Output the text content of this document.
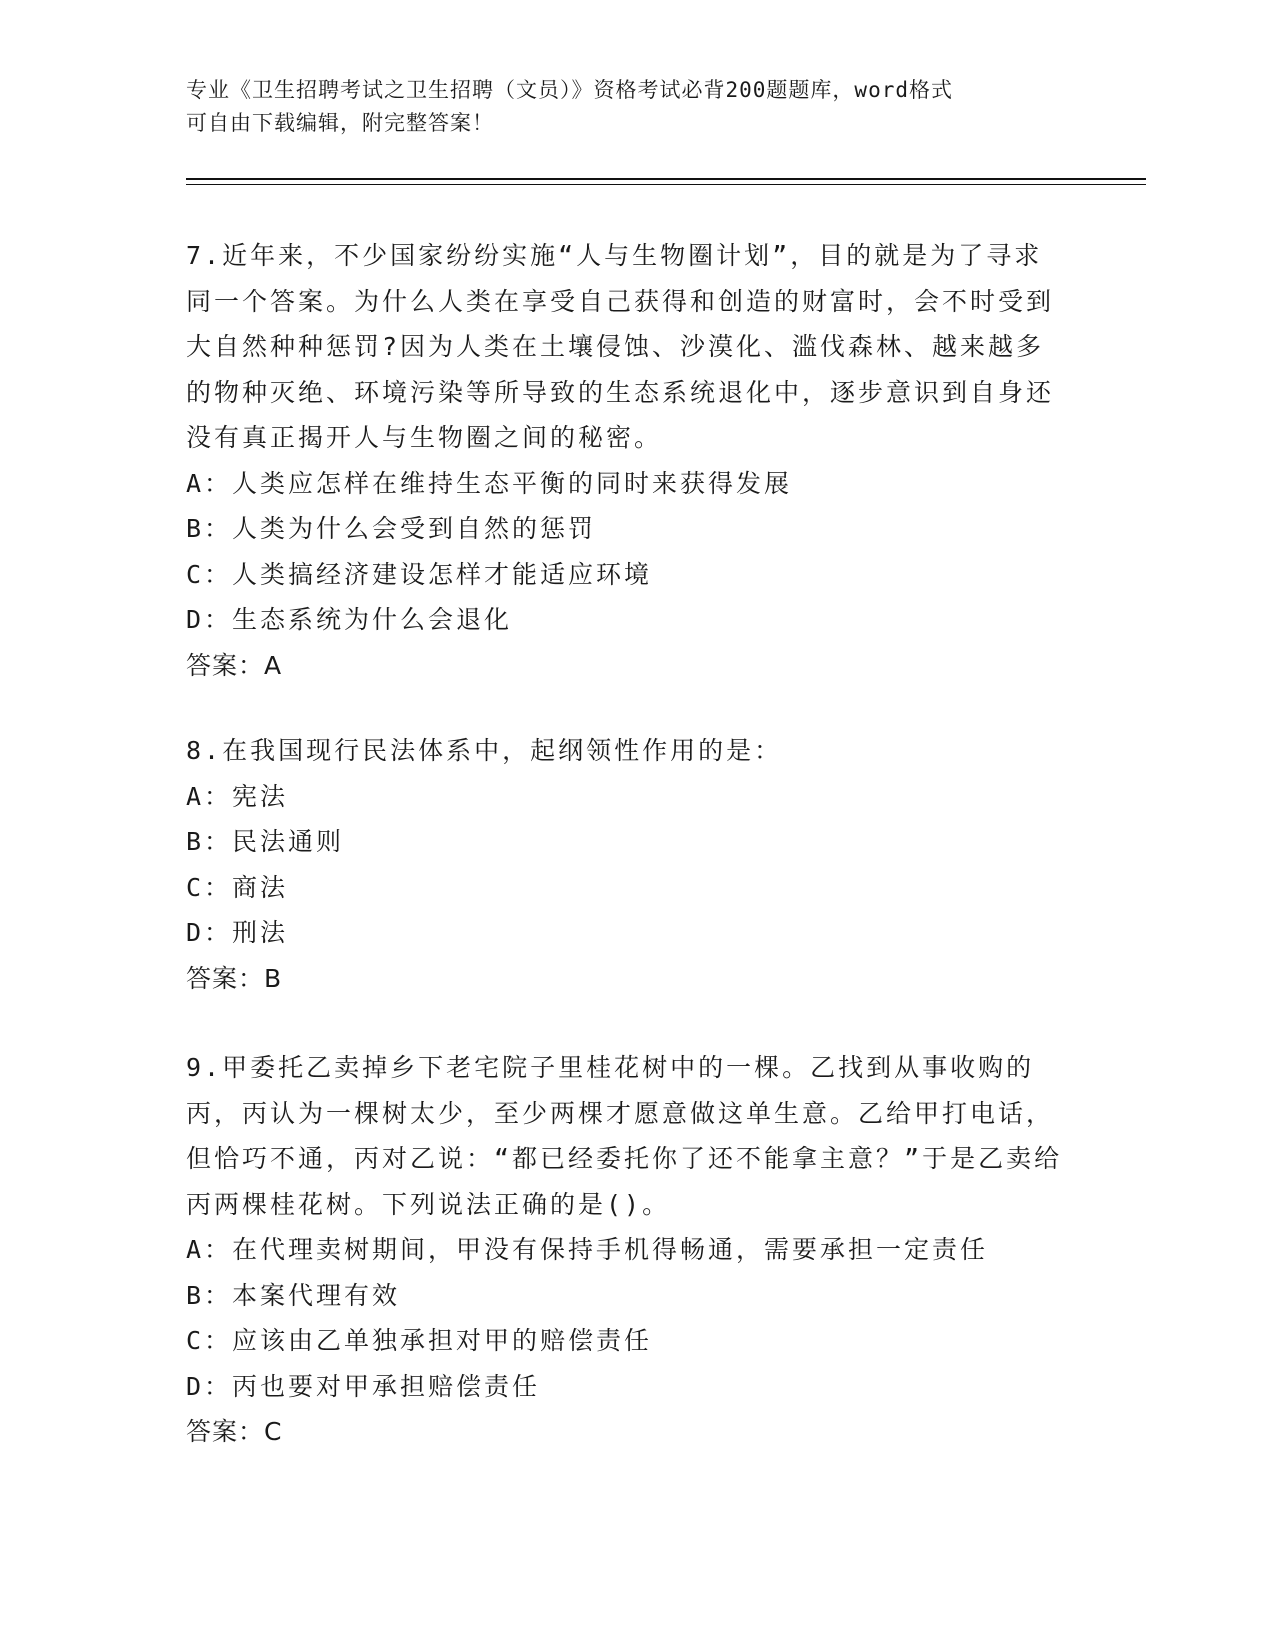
专业《卫生招聘考试之卫生招聘（文员）》资格考试必背200题题库，word格式

可自由下载编辑，附完整答案！

7.近年来，不少国家纷纷实施“人与生物圈计划”，目的就是为了寻求同一个答案。为什么人类在享受自己获得和创造的财富时，会不时受到大自然种种惩罚?因为人类在土壤侵蚀、沙漠化、滥伐森林、越来越多的物种灭绝、环境污染等所导致的生态系统退化中，逐步意识到自身还没有真正揭开人与生物圈之间的秘密。

A：人类应怎样在维持生态平衡的同时来获得发展

B：人类为什么会受到自然的惩罚

C：人类搞经济建设怎样才能适应环境

D：生态系统为什么会退化

答案：A

8.在我国现行民法体系中，起纲领性作用的是：

A：宪法

B：民法通则

C：商法

D：刑法

答案：B

9.甲委托乙卖掉乡下老宅院子里桂花树中的一棵。乙找到从事收购的丙，丙认为一棵树太少，至少两棵才愿意做这单生意。乙给甲打电话，但恰巧不通，丙对乙说：“都已经委托你了还不能拿主意？”于是乙卖给丙两棵桂花树。下列说法正确的是()。

A：在代理卖树期间，甲没有保持手机得畅通，需要承担一定责任

B：本案代理有效

C：应该由乙单独承担对甲的赔偿责任

D：丙也要对甲承担赔偿责任

答案：C
